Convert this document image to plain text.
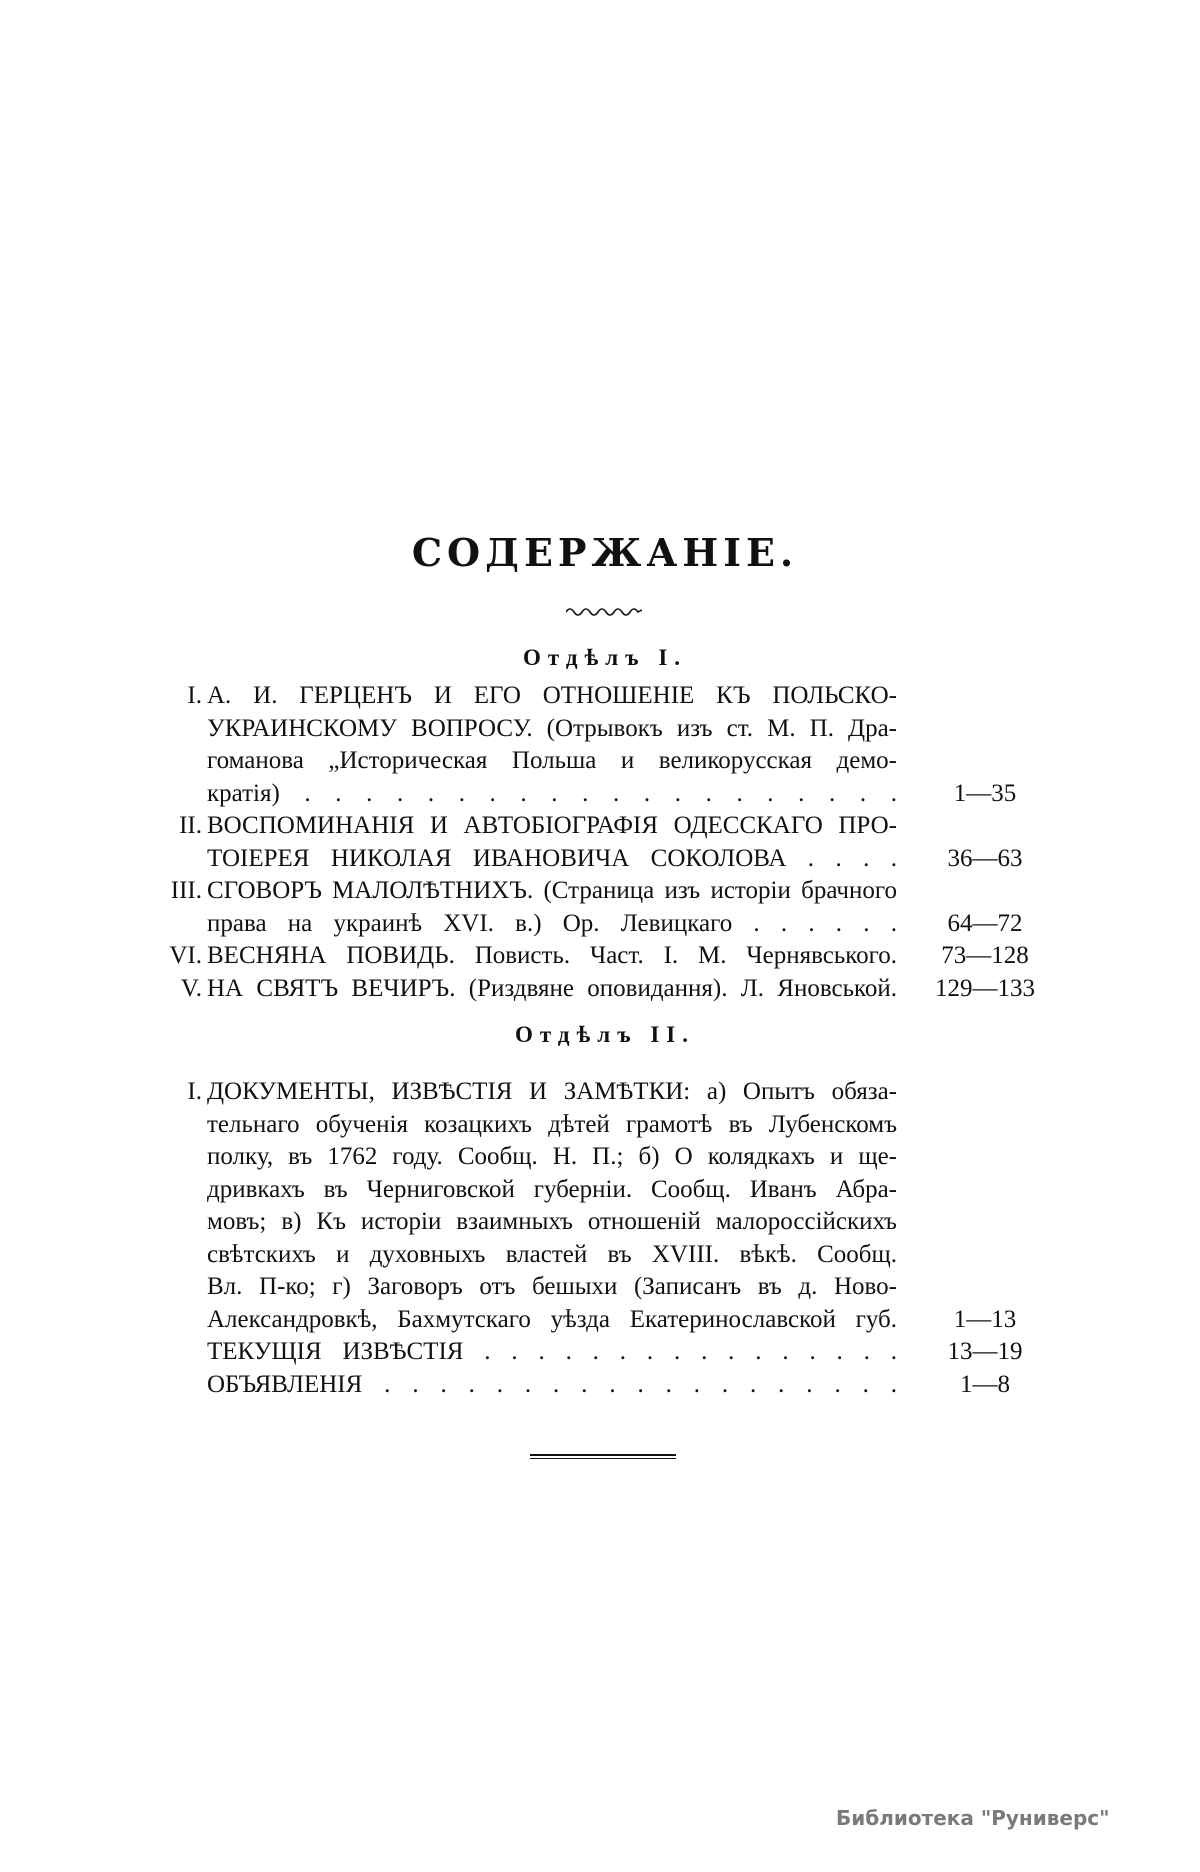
СОДЕРЖАНІЕ.
Отдѣлъ I.
I. А. И. ГЕРЦЕНЪ И ЕГО ОТНОШЕНІЕ КЪ ПОЛЬСКО-
УКРАИНСКОМУ ВОПРОСУ. (Отрывокъ изъ ст. М. П. Дра-
гоманова „Историческая Польша и великорусская демо-
кратія) . . . . . . . . . . . . . . . . . . . .	1—35
II. ВОСПОМИНАНІЯ И АВТОБІОГРАФІЯ ОДЕССКАГО ПРО-
ТОІЕРЕЯ НИКОЛАЯ ИВАНОВИЧА СОКОЛОВА . . . .	36—63
III. СГОВОРЪ МАЛОЛѢТНИХЪ. (Страница изъ исторіи брачного
права на украинѣ XVI. в.) Ор. Левицкаго . . . . . .	64—72
VI. ВЕСНЯНА ПОВИДЬ. Повисть. Част. I. М. Чернявського.	73—128
V. НА СВЯТЪ ВЕЧИРЪ. (Риздвяне оповидання). Л. Яновськой.	129—133
Отдѣлъ II.
I. ДОКУМЕНТЫ, ИЗВѢСТІЯ И ЗАМѢТКИ: а) Опытъ обяза-
тельнаго обученія козацкихъ дѣтей грамотѣ въ Лубенскомъ
полку, въ 1762 году. Сообщ. Н. П.; б) О колядкахъ и ще-
дривкахъ въ Черниговской губерніи. Сообщ. Иванъ Абра-
мовъ; в) Къ исторіи взаимныхъ отношеній малороссійскихъ
свѣтскихъ и духовныхъ властей въ XVIII. вѣкѣ. Сообщ.
Вл. П-ко; г) Заговоръ отъ бешыхи (Записанъ въ д. Ново-
Александровкѣ, Бахмутскаго уѣзда Екатеринославской губ.	1—13
ТЕКУЩІЯ ИЗВѢСТІЯ . . . . . . . . . . . . . . . .	13—19
ОБЪЯВЛЕНІЯ . . . . . . . . . . . . . . . . . . .	1—8
Библиотека "Руниверс"
